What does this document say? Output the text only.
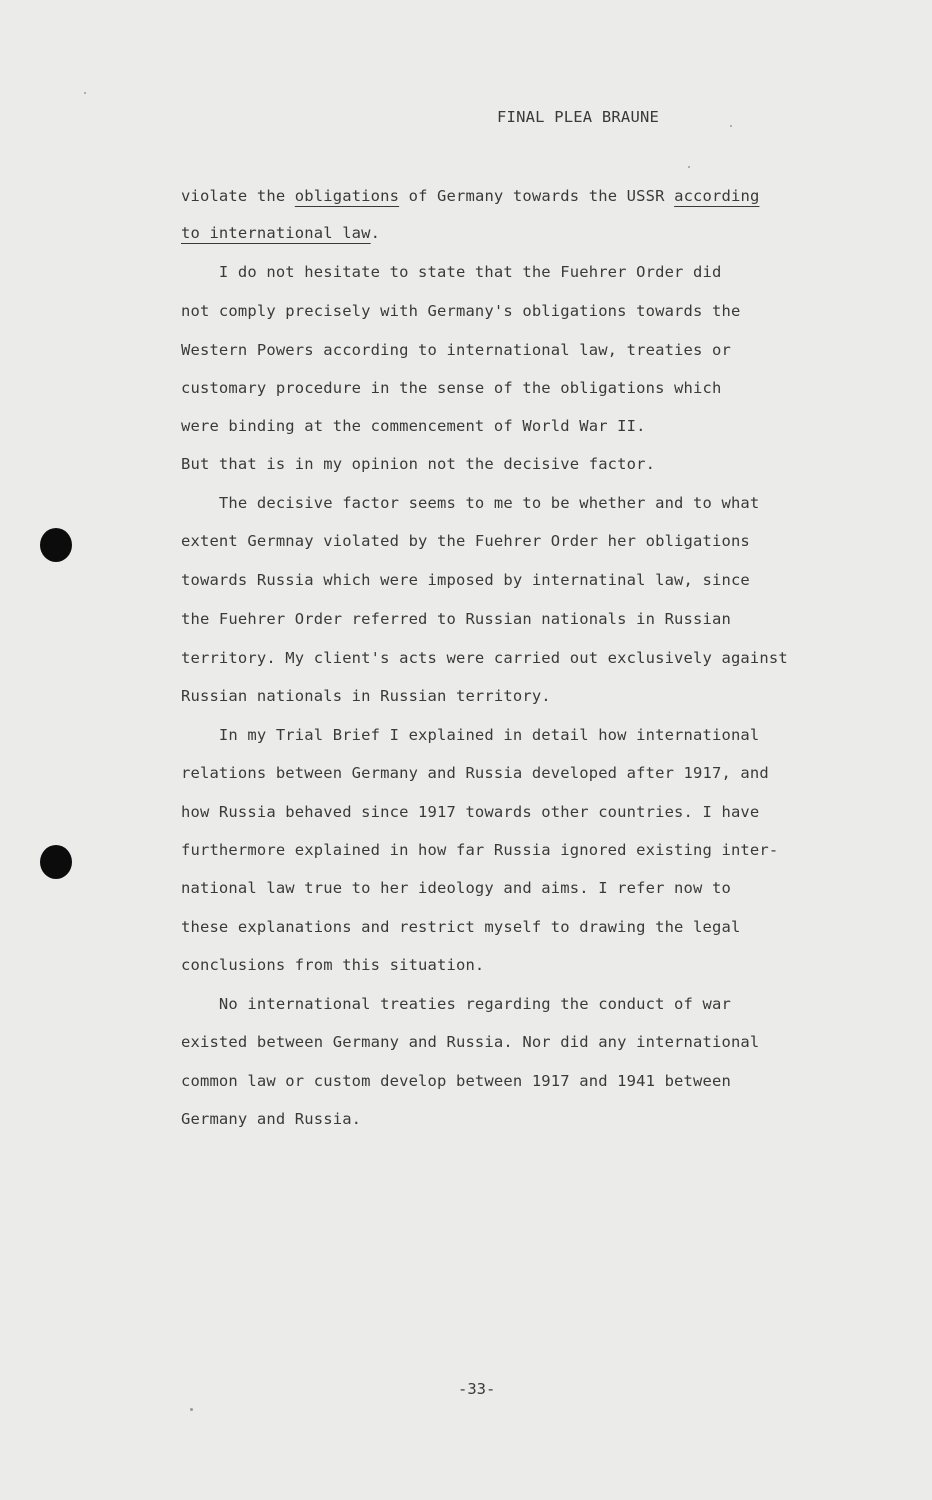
FINAL PLEA BRAUNE
violate the obligations of Germany towards the USSR according
to international law.
I do not hesitate to state that the Fuehrer Order did
not comply precisely with Germany's obligations towards the
Western Powers according to international law, treaties or
customary procedure in the sense of the obligations which
were binding at the commencement of World War II.
But that is in my opinion not the decisive factor.
The decisive factor seems to me to be whether and to what
extent Germnay violated by the Fuehrer Order her obligations
towards Russia which were imposed by internatinal law, since
the Fuehrer Order referred to Russian nationals in Russian
territory. My client's acts were carried out exclusively against
Russian nationals in Russian territory.
In my Trial Brief I explained in detail how international
relations between Germany and Russia developed after 1917, and
how Russia behaved since 1917 towards other countries. I have
furthermore explained in how far Russia ignored existing inter-
national law true to her ideology and aims. I refer now to
these explanations and restrict myself to drawing the legal
conclusions from this situation.
No international treaties regarding the conduct of war
existed between Germany and Russia. Nor did any international
common law or custom develop between 1917 and 1941 between
Germany and Russia.
-33-
